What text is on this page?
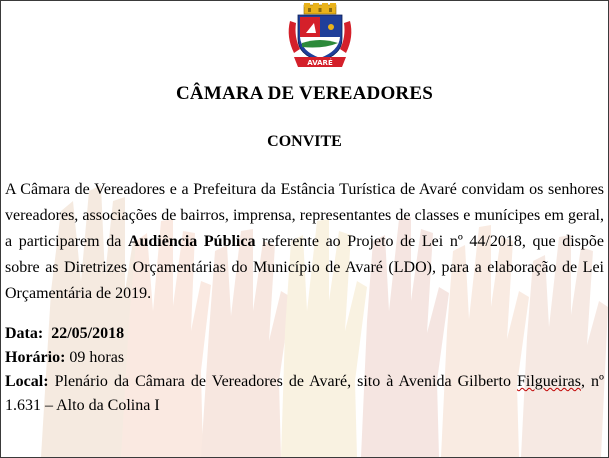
AVARÉ
CÂMARA DE VEREADORES
CONVITE
A Câmara de Vereadores e a Prefeitura da Estância Turística de Avaré convidam os senhores vereadores, associações de bairros, imprensa, representantes de classes e munícipes em geral, a participarem da Audiência Pública referente ao Projeto de Lei nº 44/2018, que dispõe sobre as Diretrizes Orçamentárias do Município de Avaré (LDO), para a elaboração de Lei Orçamentária de 2019.

Data: 22/05/2018

Horário: 09 horas

Local: Plenário da Câmara de Vereadores de Avaré, sito à Avenida Gilberto Filgueiras, nº 1.631 – Alto da Colina I
